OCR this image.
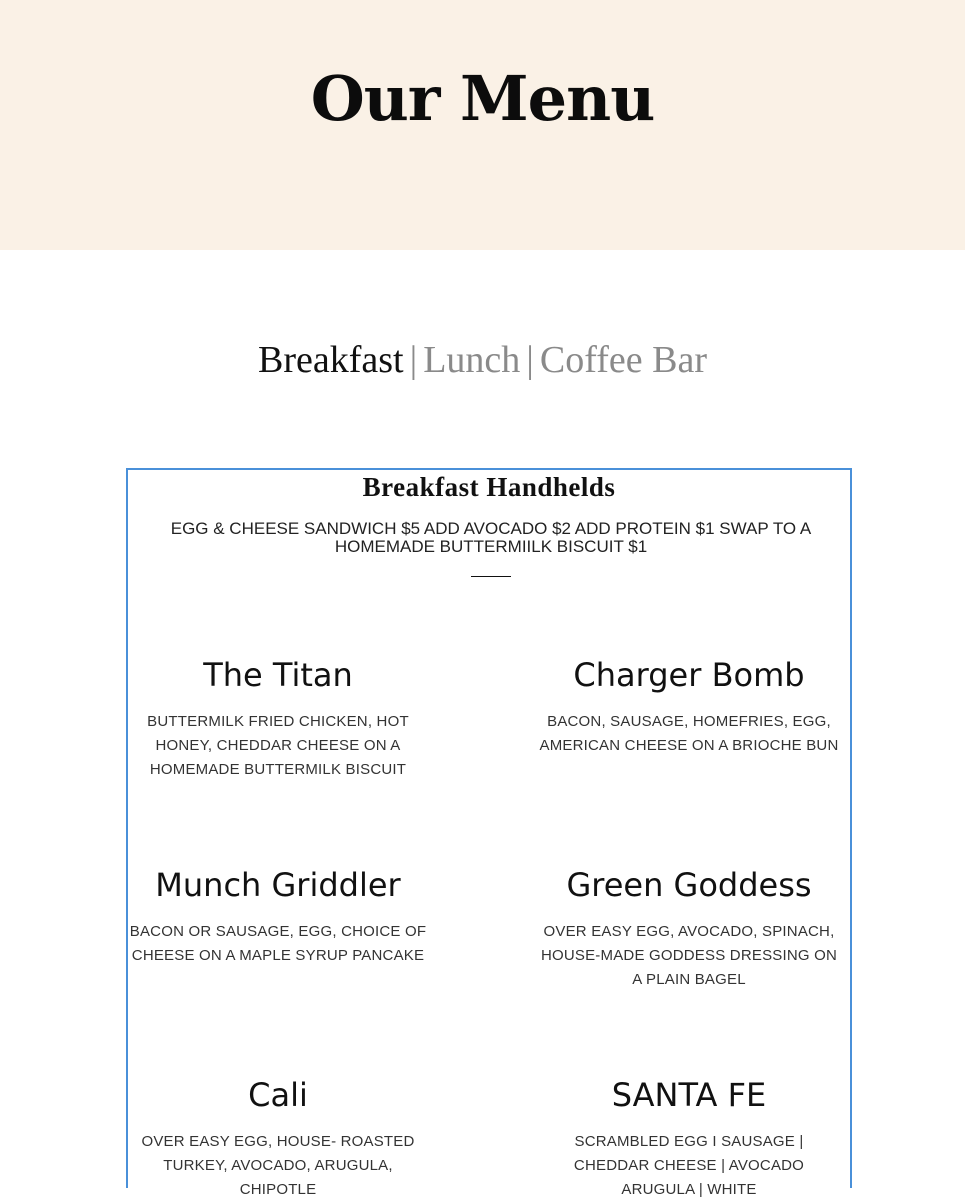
Our Menu
Breakfast | Lunch | Coffee Bar
Breakfast Handhelds
EGG & CHEESE SANDWICH $5 ADD AVOCADO $2 ADD PROTEIN $1 SWAP TO A HOMEMADE BUTTERMIILK BISCUIT $1
The Titan
BUTTERMILK FRIED CHICKEN, HOT HONEY, CHEDDAR CHEESE ON A HOMEMADE BUTTERMILK BISCUIT
Charger Bomb
BACON, SAUSAGE, HOMEFRIES, EGG, AMERICAN CHEESE ON A BRIOCHE BUN
Munch Griddler
BACON OR SAUSAGE, EGG, CHOICE OF CHEESE ON A MAPLE SYRUP PANCAKE
Green Goddess
OVER EASY EGG, AVOCADO, SPINACH, HOUSE-MADE GODDESS DRESSING ON A PLAIN BAGEL
Cali
OVER EASY EGG, HOUSE- ROASTED TURKEY, AVOCADO, ARUGULA, CHIPOTLE
SANTA FE
SCRAMBLED EGG I SAUSAGE | CHEDDAR CHEESE | AVOCADO ARUGULA | WHITE
